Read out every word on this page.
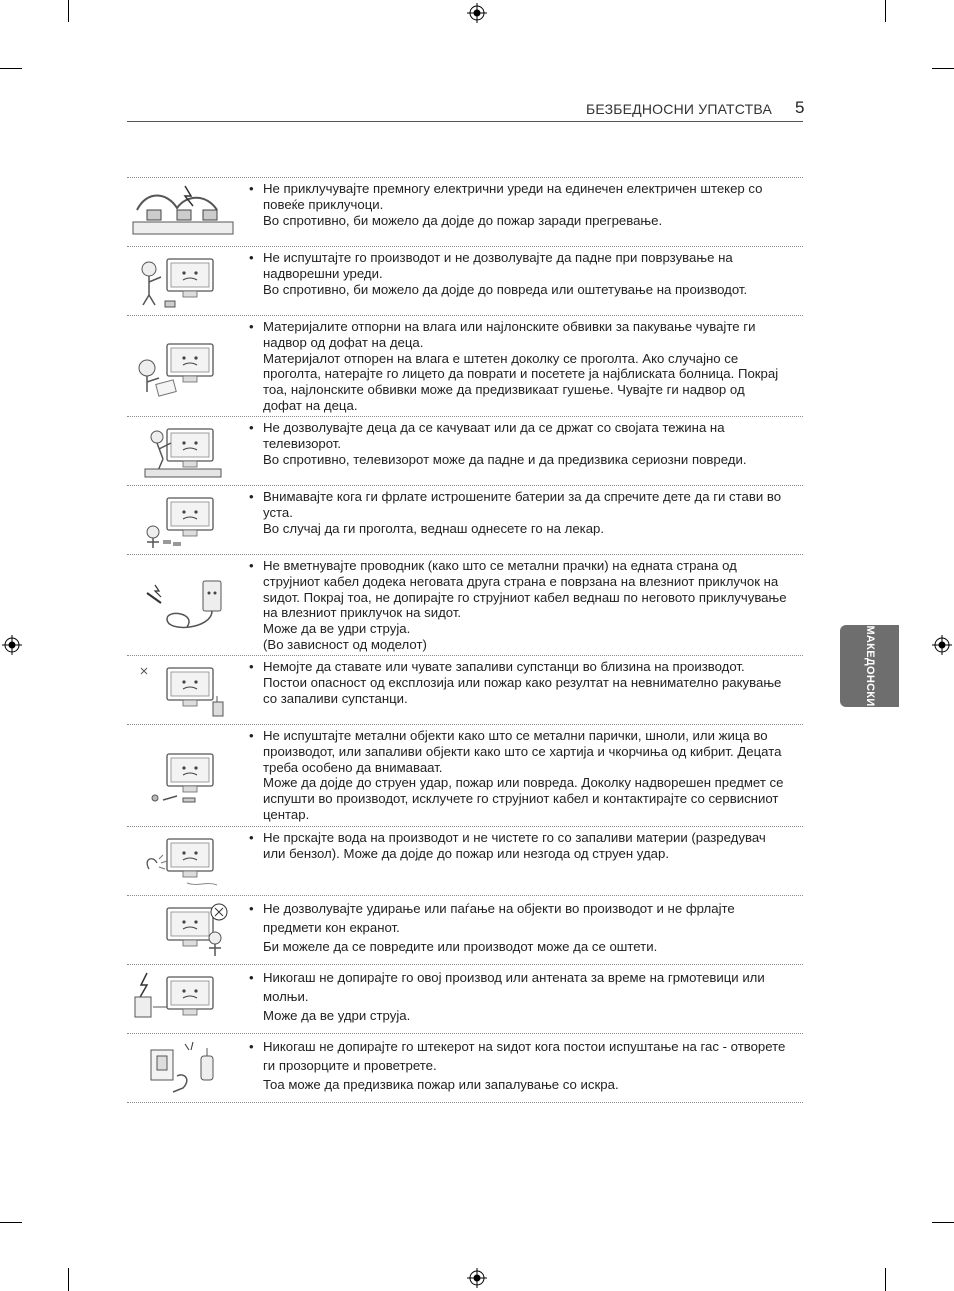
БЕЗБЕДНОСНИ УПАТСТВА 5
МАКЕДОНСКИ
• Не приклучувајте премногу електрични уреди на единечен електричен штекер со повеќе приклучоци.

Во спротивно, би можело да дојде до пожар заради прегревање.

• Не испуштајте го производот и не дозволувајте да падне при поврзување на надворешни уреди.

Во спротивно, би можело да дојде до повреда или оштетување на производот.

• Материјалите отпорни на влага или најлонските обвивки за пакување чувајте ги надвор од дофат на деца.

Материјалот отпорен на влага е штетен доколку се проголта. Ако случајно се проголта, натерајте го лицето да поврати и посетете ја најблиската болница. Покрај тоа, најлонските обвивки може да предизвикаат гушење. Чувајте ги надвор од дофат на деца.

• Не дозволувајте деца да се качуваат или да се држат со својата тежина на телевизорот.

Во спротивно, телевизорот може да падне и да предизвика сериозни повреди.

• Внимавајте кога ги фрлате истрошените батерии за да спречите дете да ги стави во уста.

Во случај да ги проголта, веднаш однесете го на лекар.

• Не вметнувајте проводник (како што се метални прачки) на едната страна од струјниот кабел додека неговата друга страна е поврзана на влезниот приклучок на ѕидот. Покрај тоа, не допирајте го струјниот кабел веднаш по неговото приклучување на влезниот приклучок на ѕидот.

Може да ве удри струја.

(Во зависност од моделот)

• Немојте да ставате или чувате запаливи супстанци во близина на производот. Постои опасност од експлозија или пожар како резултат на невнимателно ракување со запаливи супстанци.

• Не испуштајте метални објекти како што се метални парички, шноли, или жица во производот, или запаливи објекти како што се хартија и чкорчиња од кибрит. Децата треба особено да внимаваат.

Може да дојде до струен удар, пожар или повреда. Доколку надворешен предмет се испушти во производот, исклучете го струјниот кабел и контактирајте со сервисниот центар.

• Не прскајте вода на производот и не чистете го со запаливи материи (разредувач или бензол). Може да дојде до пожар или незгода од струен удар.

• Не дозволувајте удирање или паѓање на објекти во производот и не фрлајте предмети кон екранот.

Би можеле да се повредите или производот може да се оштети.

• Никогаш не допирајте го овој производ или антената за време на грмотевици или молњи.

Може да ве удри струја.

• Никогаш не допирајте го штекерот на ѕидот кога постои испуштање на гас - отворете ги прозорците и проветрете.

Тоа може да предизвика пожар или запалување со искра.
